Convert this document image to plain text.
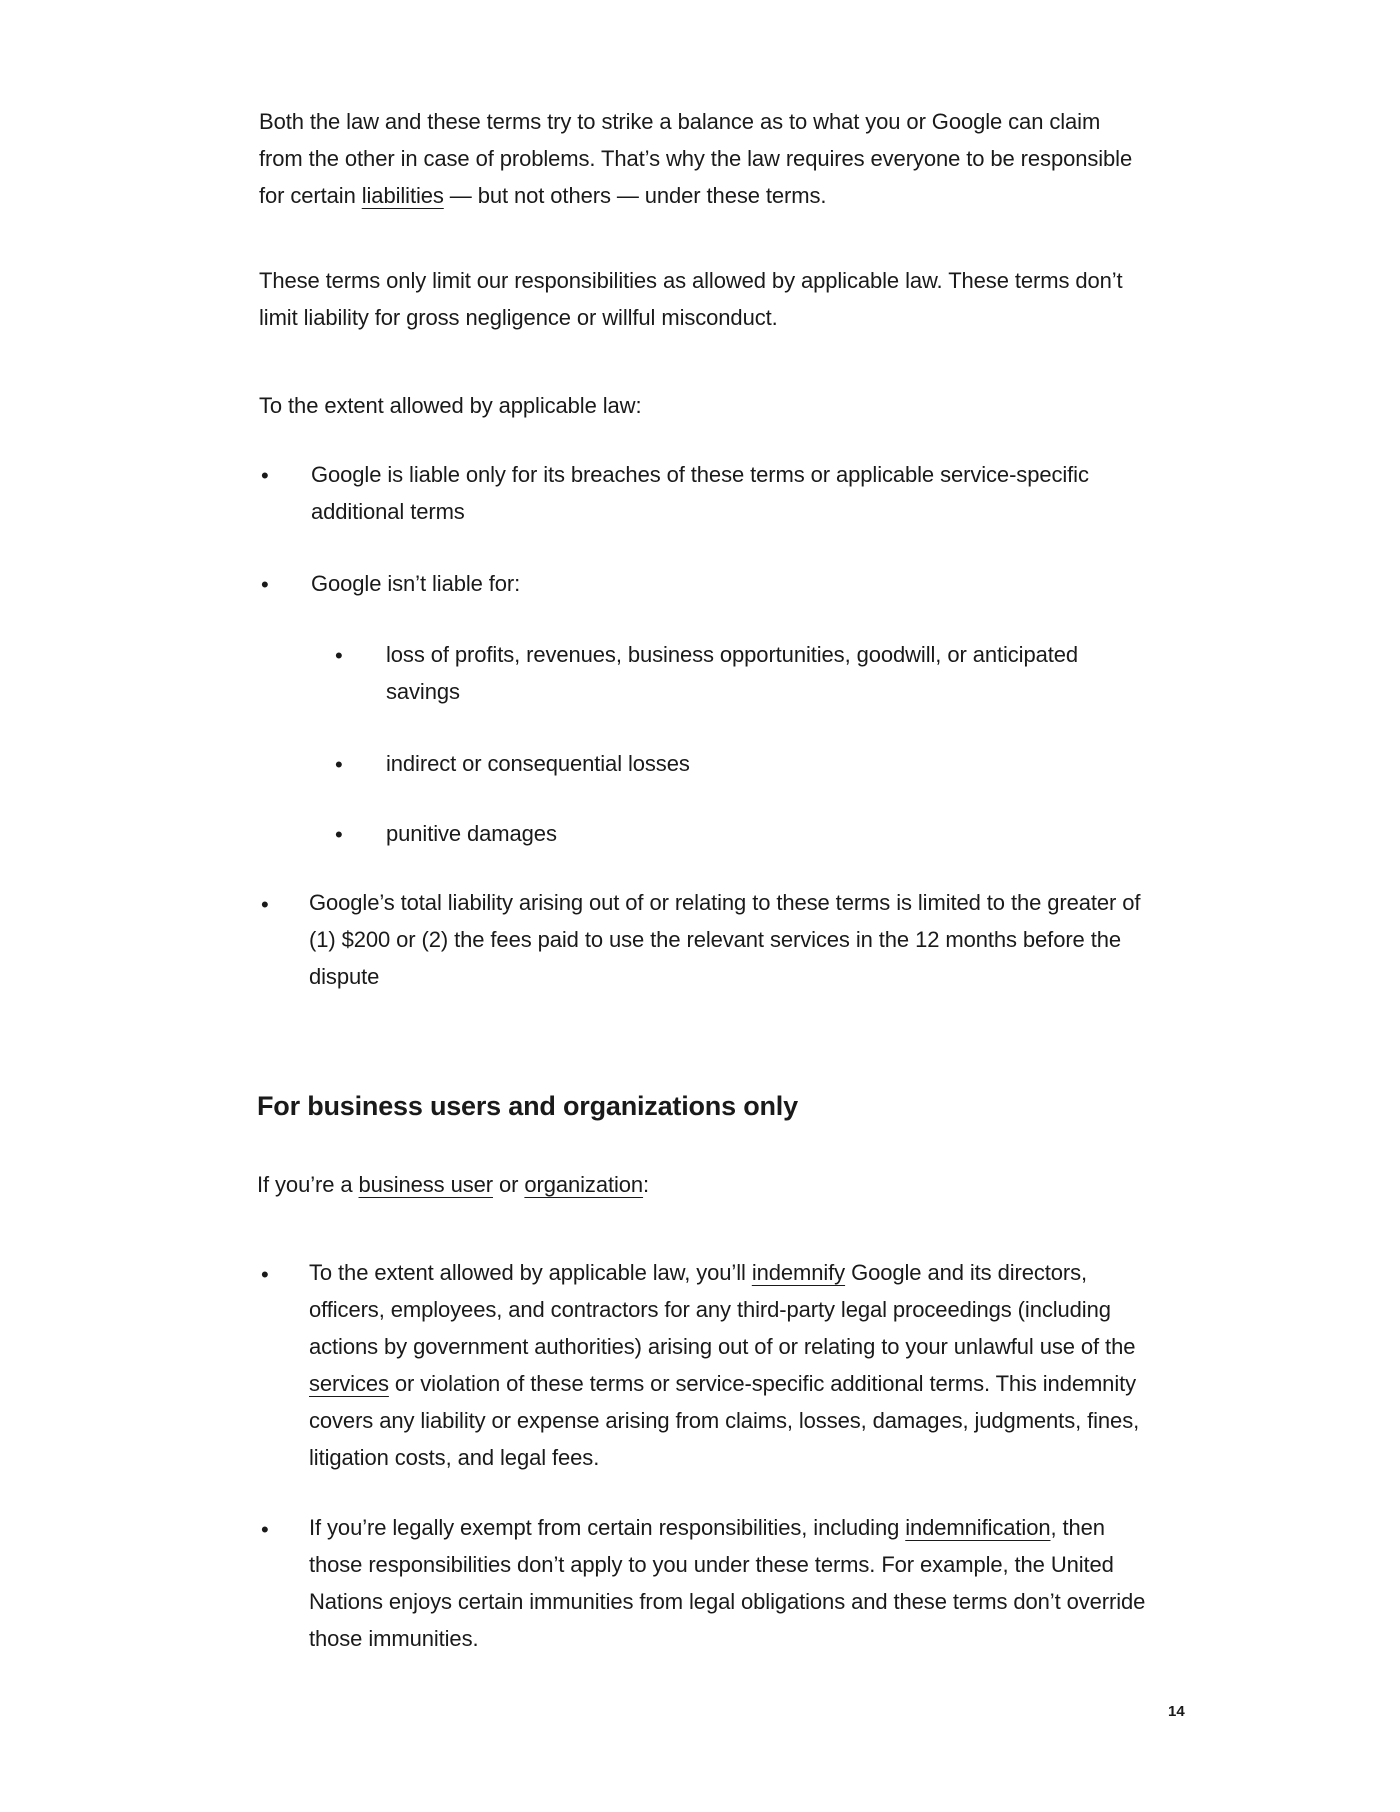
Both the law and these terms try to strike a balance as to what you or Google can claim from the other in case of problems. That’s why the law requires everyone to be responsible for certain liabilities — but not others — under these terms.

These terms only limit our responsibilities as allowed by applicable law. These terms don’t limit liability for gross negligence or willful misconduct.

To the extent allowed by applicable law:

• Google is liable only for its breaches of these terms or applicable service-specific additional terms

• Google isn’t liable for:

• loss of profits, revenues, business opportunities, goodwill, or anticipated savings

• indirect or consequential losses

• punitive damages

• Google’s total liability arising out of or relating to these terms is limited to the greater of (1) $200 or (2) the fees paid to use the relevant services in the 12 months before the dispute

For business users and organizations only

If you’re a business user or organization:

• To the extent allowed by applicable law, you’ll indemnify Google and its directors, officers, employees, and contractors for any third-party legal proceedings (including actions by government authorities) arising out of or relating to your unlawful use of the services or violation of these terms or service-specific additional terms. This indemnity covers any liability or expense arising from claims, losses, damages, judgments, fines, litigation costs, and legal fees.

• If you’re legally exempt from certain responsibilities, including indemnification, then those responsibilities don’t apply to you under these terms. For example, the United Nations enjoys certain immunities from legal obligations and these terms don’t override those immunities.

14
